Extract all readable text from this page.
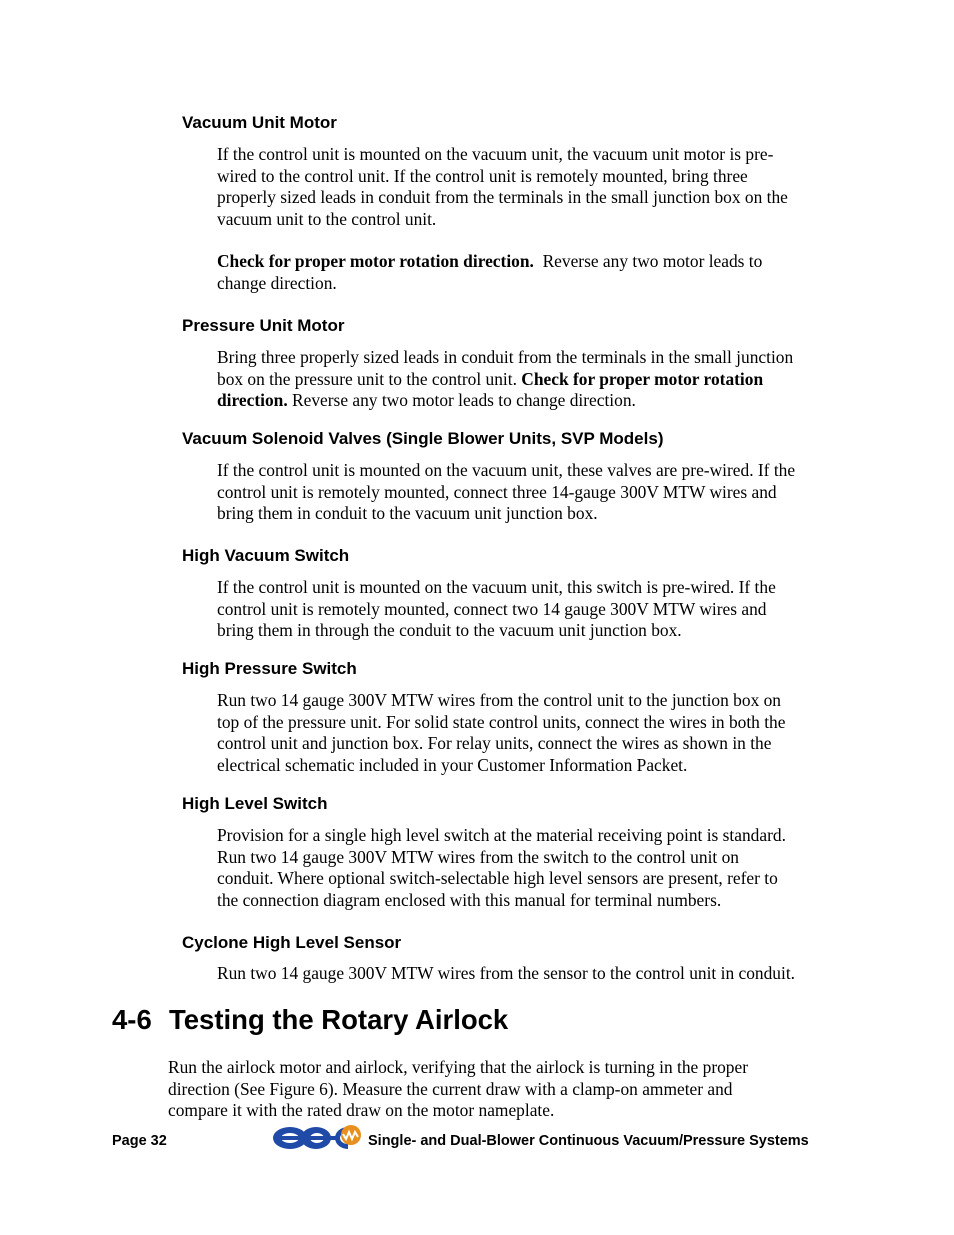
Vacuum Unit Motor
If the control unit is mounted on the vacuum unit, the vacuum unit motor is pre-
wired to the control unit. If the control unit is remotely mounted, bring three
properly sized leads in conduit from the terminals in the small junction box on the
vacuum unit to the control unit.
Check for proper motor rotation direction.  Reverse any two motor leads to
change direction.
Pressure Unit Motor
Bring three properly sized leads in conduit from the terminals in the small junction
box on the pressure unit to the control unit. Check for proper motor rotation
direction. Reverse any two motor leads to change direction.
Vacuum Solenoid Valves (Single Blower Units, SVP Models)
If the control unit is mounted on the vacuum unit, these valves are pre-wired. If the
control unit is remotely mounted, connect three 14-gauge 300V MTW wires and
bring them in conduit to the vacuum unit junction box.
High Vacuum Switch
If the control unit is mounted on the vacuum unit, this switch is pre-wired. If the
control unit is remotely mounted, connect two 14 gauge 300V MTW wires and
bring them in through the conduit to the vacuum unit junction box.
High Pressure Switch
Run two 14 gauge 300V MTW wires from the control unit to the junction box on
top of the pressure unit. For solid state control units, connect the wires in both the
control unit and junction box. For relay units, connect the wires as shown in the
electrical schematic included in your Customer Information Packet.
High Level Switch
Provision for a single high level switch at the material receiving point is standard.
Run two 14 gauge 300V MTW wires from the switch to the control unit on
conduit. Where optional switch-selectable high level sensors are present, refer to
the connection diagram enclosed with this manual for terminal numbers.
Cyclone High Level Sensor
Run two 14 gauge 300V MTW wires from the sensor to the control unit in conduit.
4-6 Testing the Rotary Airlock
Run the airlock motor and airlock, verifying that the airlock is turning in the proper
direction (See Figure 6). Measure the current draw with a clamp-on ammeter and
compare it with the rated draw on the motor nameplate.
Page 32	Single- and Dual-Blower Continuous Vacuum/Pressure Systems
